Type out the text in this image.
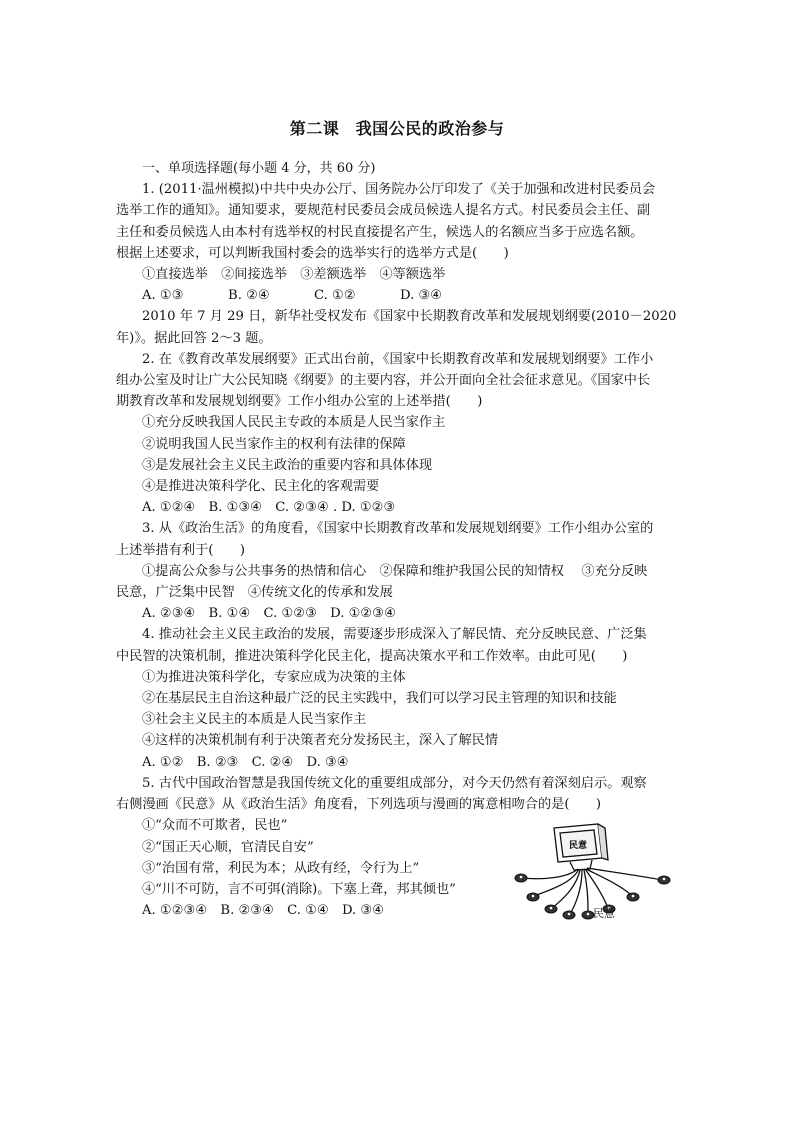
第二课　我国公民的政治参与
一、单项选择题(每小题 4 分，共 60 分)
1. (2011·温州模拟)中共中央办公厅、国务院办公厅印发了《关于加强和改进村民委员会
选举工作的通知》。通知要求，要规范村民委员会成员候选人提名方式。村民委员会主任、副
主任和委员候选人由本村有选举权的村民直接提名产生，候选人的名额应当多于应选名额。
根据上述要求，可以判断我国村委会的选举实行的选举方式是(　　)
①直接选举　②间接选举　③差额选举　④等额选举
A. ①③	B. ②④	C. ①②	D. ③④
2010 年 7 月 29 日，新华社受权发布《国家中长期教育改革和发展规划纲要(2010－2020
年)》。据此回答 2～3 题。
2. 在《教育改革发展纲要》正式出台前，《国家中长期教育改革和发展规划纲要》工作小
组办公室及时让广大公民知晓《纲要》的主要内容，并公开面向全社会征求意见。《国家中长
期教育改革和发展规划纲要》工作小组办公室的上述举措(　　)
①充分反映我国人民民主专政的本质是人民当家作主
②说明我国人民当家作主的权利有法律的保障
③是发展社会主义民主政治的重要内容和具体体现
④是推进决策科学化、民主化的客观需要
A. ①②④　B. ①③④　C. ②③④ . D. ①②③
3. 从《政治生活》的角度看，《国家中长期教育改革和发展规划纲要》工作小组办公室的
上述举措有利于(　　)
①提高公众参与公共事务的热情和信心　②保障和维护我国公民的知情权　 ③充分反映
民意，广泛集中民智　④传统文化的传承和发展
A. ②③④　B. ①④　C. ①②③　D. ①②③④
4. 推动社会主义民主政治的发展，需要逐步形成深入了解民情、充分反映民意、广泛集
中民智的决策机制，推进决策科学化民主化，提高决策水平和工作效率。由此可见(　　)
①为推进决策科学化，专家应成为决策的主体
②在基层民主自治这种最广泛的民主实践中，我们可以学习民主管理的知识和技能
③社会主义民主的本质是人民当家作主
④这样的决策机制有利于决策者充分发扬民主，深入了解民情
A. ①②　B. ②③　C. ②④　D. ③④
5. 古代中国政治智慧是我国传统文化的重要组成部分，对今天仍然有着深刻启示。观察
右侧漫画《民意》从《政治生活》角度看，下列选项与漫画的寓意相吻合的是(　　)
①“众而不可欺者，民也”
②“国正天心顺，官清民自安”
③“治国有常，利民为本；从政有经，令行为上”
④“川不可防，言不可弭(消除)。下塞上聋，邦其倾也”
A. ①②③④　B. ②③④　C. ①④　D. ③④
民意
民意
